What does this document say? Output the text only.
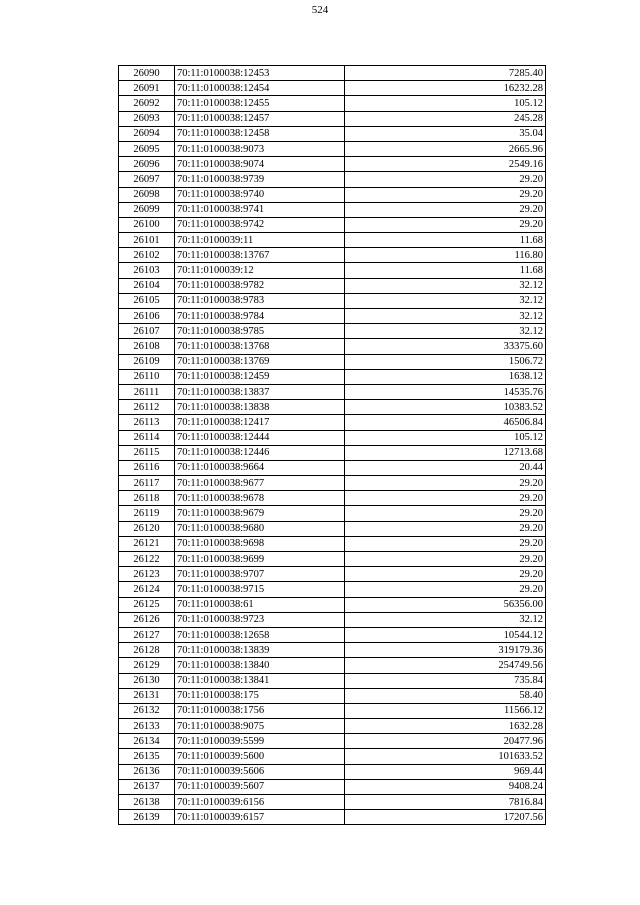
524
26090	70:11:0100038:12453	7285.40
26091	70:11:0100038:12454	16232.28
26092	70:11:0100038:12455	105.12
26093	70:11:0100038:12457	245.28
26094	70:11:0100038:12458	35.04
26095	70:11:0100038:9073	2665.96
26096	70:11:0100038:9074	2549.16
26097	70:11:0100038:9739	29.20
26098	70:11:0100038:9740	29.20
26099	70:11:0100038:9741	29.20
26100	70:11:0100038:9742	29.20
26101	70:11:0100039:11	11.68
26102	70:11:0100038:13767	116.80
26103	70:11:0100039:12	11.68
26104	70:11:0100038:9782	32.12
26105	70:11:0100038:9783	32.12
26106	70:11:0100038:9784	32.12
26107	70:11:0100038:9785	32.12
26108	70:11:0100038:13768	33375.60
26109	70:11:0100038:13769	1506.72
26110	70:11:0100038:12459	1638.12
26111	70:11:0100038:13837	14535.76
26112	70:11:0100038:13838	10383.52
26113	70:11:0100038:12417	46506.84
26114	70:11:0100038:12444	105.12
26115	70:11:0100038:12446	12713.68
26116	70:11:0100038:9664	20.44
26117	70:11:0100038:9677	29.20
26118	70:11:0100038:9678	29.20
26119	70:11:0100038:9679	29.20
26120	70:11:0100038:9680	29.20
26121	70:11:0100038:9698	29.20
26122	70:11:0100038:9699	29.20
26123	70:11:0100038:9707	29.20
26124	70:11:0100038:9715	29.20
26125	70:11:0100038:61	56356.00
26126	70:11:0100038:9723	32.12
26127	70:11:0100038:12658	10544.12
26128	70:11:0100038:13839	319179.36
26129	70:11:0100038:13840	254749.56
26130	70:11:0100038:13841	735.84
26131	70:11:0100038:175	58.40
26132	70:11:0100038:1756	11566.12
26133	70:11:0100038:9075	1632.28
26134	70:11:0100039:5599	20477.96
26135	70:11:0100039:5600	101633.52
26136	70:11:0100039:5606	969.44
26137	70:11:0100039:5607	9408.24
26138	70:11:0100039:6156	7816.84
26139	70:11:0100039:6157	17207.56
